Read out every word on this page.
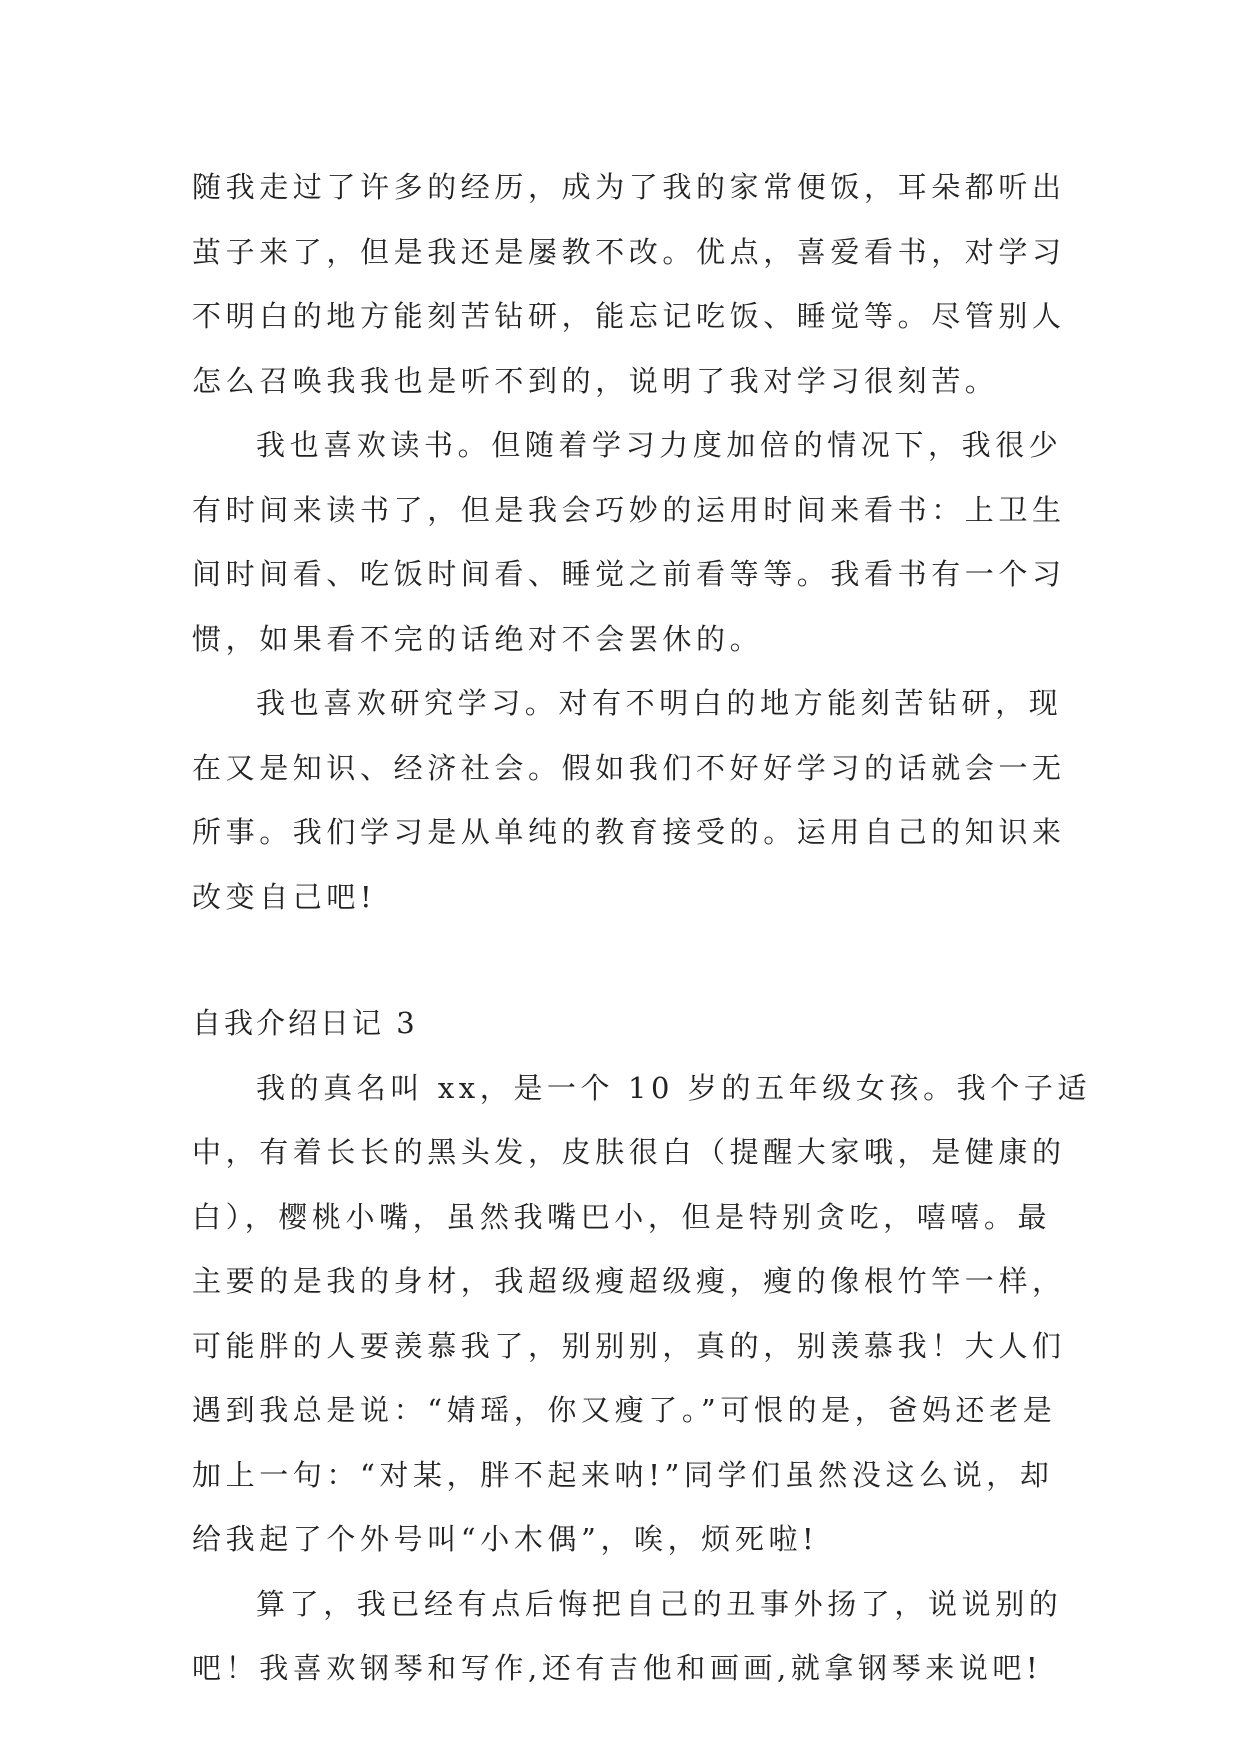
随我走过了许多的经历，成为了我的家常便饭，耳朵都听出
茧子来了，但是我还是屡教不改。优点，喜爱看书，对学习
不明白的地方能刻苦钻研，能忘记吃饭、睡觉等。尽管别人
怎么召唤我我也是听不到的，说明了我对学习很刻苦。
我也喜欢读书。但随着学习力度加倍的情况下，我很少
有时间来读书了，但是我会巧妙的运用时间来看书：上卫生
间时间看、吃饭时间看、睡觉之前看等等。我看书有一个习
惯，如果看不完的话绝对不会罢休的。
我也喜欢研究学习。对有不明白的地方能刻苦钻研，现
在又是知识、经济社会。假如我们不好好学习的话就会一无
所事。我们学习是从单纯的教育接受的。运用自己的知识来
改变自己吧!
自我介绍日记 3
我的真名叫 xx，是一个 10 岁的五年级女孩。我个子适
中，有着长长的黑头发，皮肤很白（提醒大家哦，是健康的
白），樱桃小嘴，虽然我嘴巴小，但是特别贪吃，嘻嘻。最
主要的是我的身材，我超级瘦超级瘦，瘦的像根竹竿一样，
可能胖的人要羡慕我了，别别别，真的，别羡慕我！大人们
遇到我总是说：“婧瑶，你又瘦了。”可恨的是，爸妈还老是
加上一句：“对某，胖不起来呐!”同学们虽然没这么说，却
给我起了个外号叫“小木偶”，唉，烦死啦!
算了，我已经有点后悔把自己的丑事外扬了，说说别的
吧！我喜欢钢琴和写作,还有吉他和画画,就拿钢琴来说吧!
